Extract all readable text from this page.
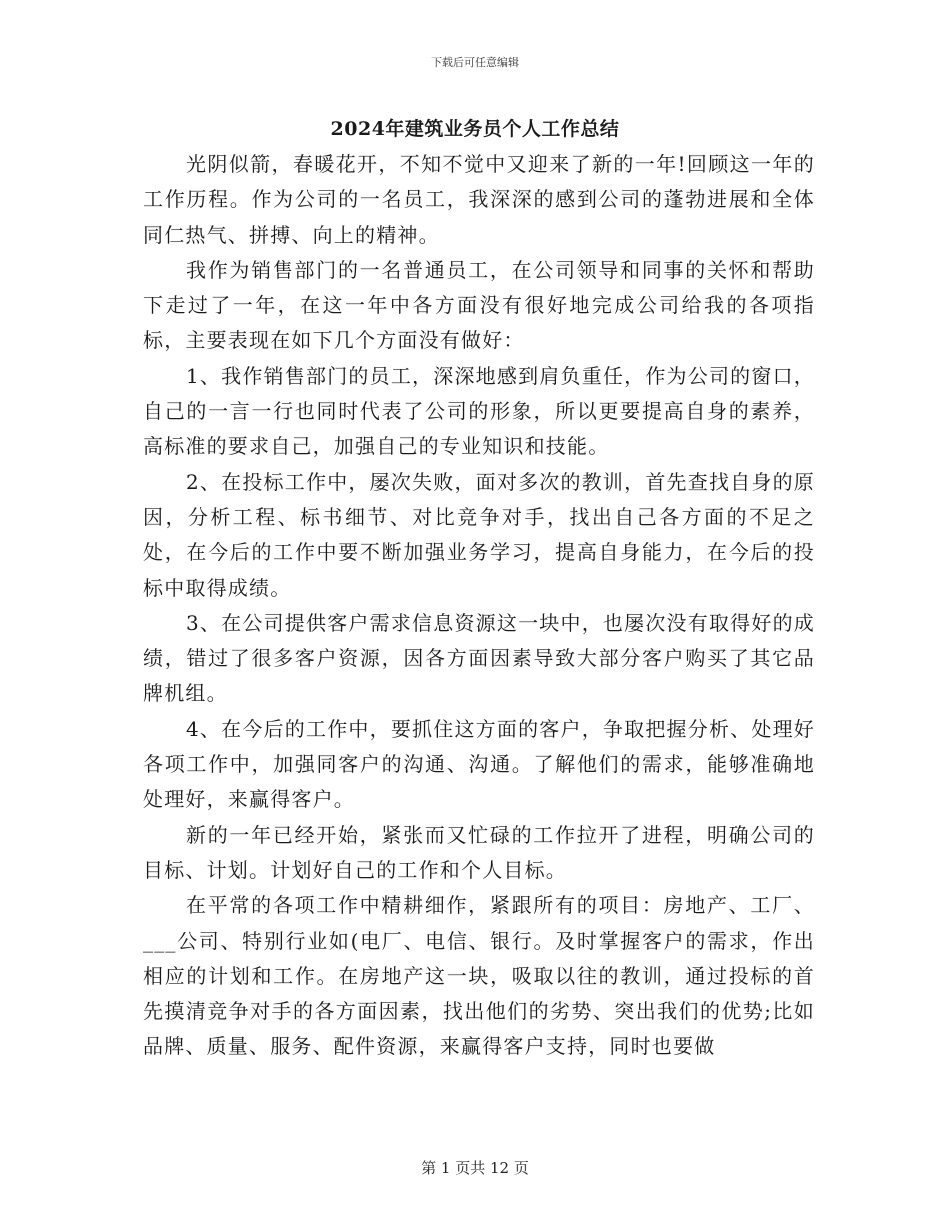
下载后可任意编辑
2024年建筑业务员个人工作总结

光阴似箭，春暖花开，不知不觉中又迎来了新的一年!回顾这一年的工作历程。作为公司的一名员工，我深深的感到公司的蓬勃进展和全体同仁热气、拼搏、向上的精神。

我作为销售部门的一名普通员工，在公司领导和同事的关怀和帮助下走过了一年，在这一年中各方面没有很好地完成公司给我的各项指标，主要表现在如下几个方面没有做好：

1、我作销售部门的员工，深深地感到肩负重任，作为公司的窗口，自己的一言一行也同时代表了公司的形象，所以更要提高自身的素养，高标准的要求自己，加强自己的专业知识和技能。

2、在投标工作中，屡次失败，面对多次的教训，首先查找自身的原因，分析工程、标书细节、对比竞争对手，找出自己各方面的不足之处，在今后的工作中要不断加强业务学习，提高自身能力，在今后的投标中取得成绩。

3、在公司提供客户需求信息资源这一块中，也屡次没有取得好的成绩，错过了很多客户资源，因各方面因素导致大部分客户购买了其它品牌机组。

4、在今后的工作中，要抓住这方面的客户，争取把握分析、处理好各项工作中，加强同客户的沟通、沟通。了解他们的需求，能够准确地处理好，来赢得客户。

新的一年已经开始，紧张而又忙碌的工作拉开了进程，明确公司的目标、计划。计划好自己的工作和个人目标。

在平常的各项工作中精耕细作，紧跟所有的项目：房地产、工厂、___公司、特别行业如(电厂、电信、银行。及时掌握客户的需求，作出相应的计划和工作。在房地产这一块，吸取以往的教训，通过投标的首先摸清竞争对手的各方面因素，找出他们的劣势、突出我们的优势;比如品牌、质量、服务、配件资源，来赢得客户支持，同时也要做

第 1 页共 12 页
